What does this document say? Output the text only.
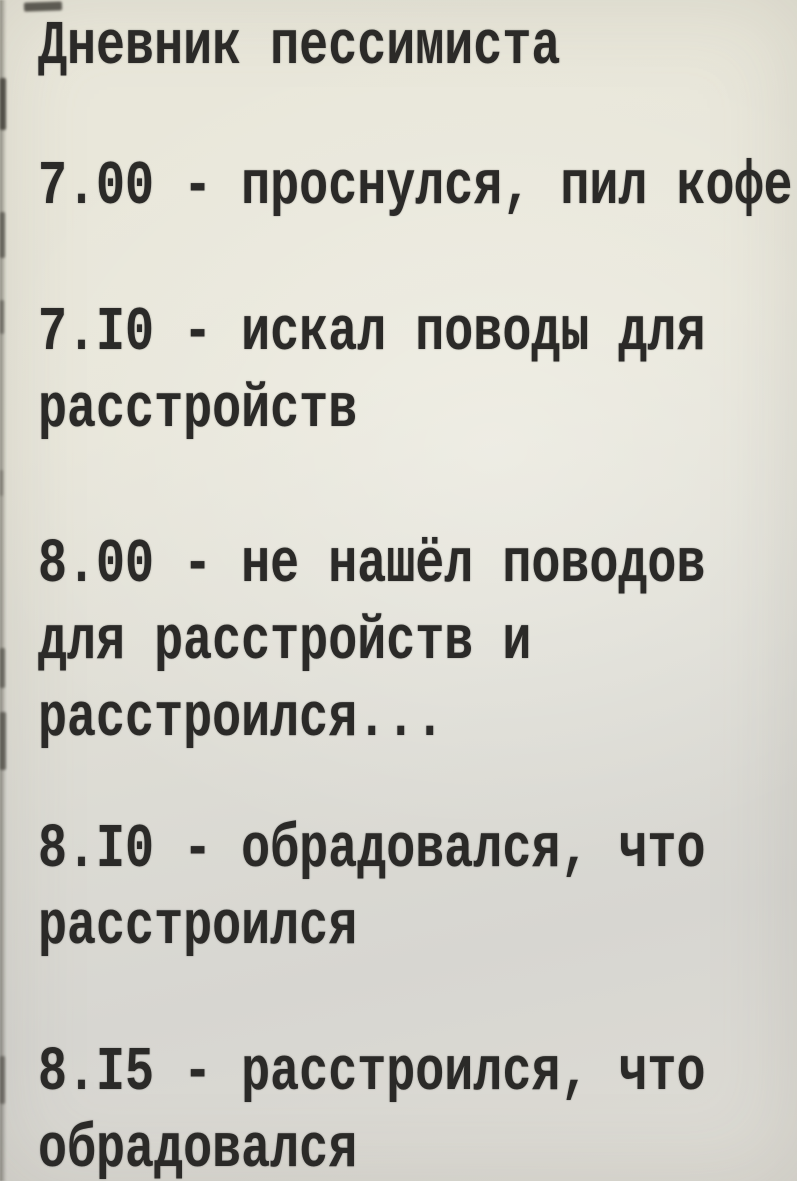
Дневник пессимиста
7.00 - проснулся, пил кофе
7.I0 - искал поводы для
расстройств
8.00 - не нашёл поводов
для расстройств и
расстроился...
8.I0 - обрадовался, что
расстроился
8.I5 - расстроился, что
обрадовался
